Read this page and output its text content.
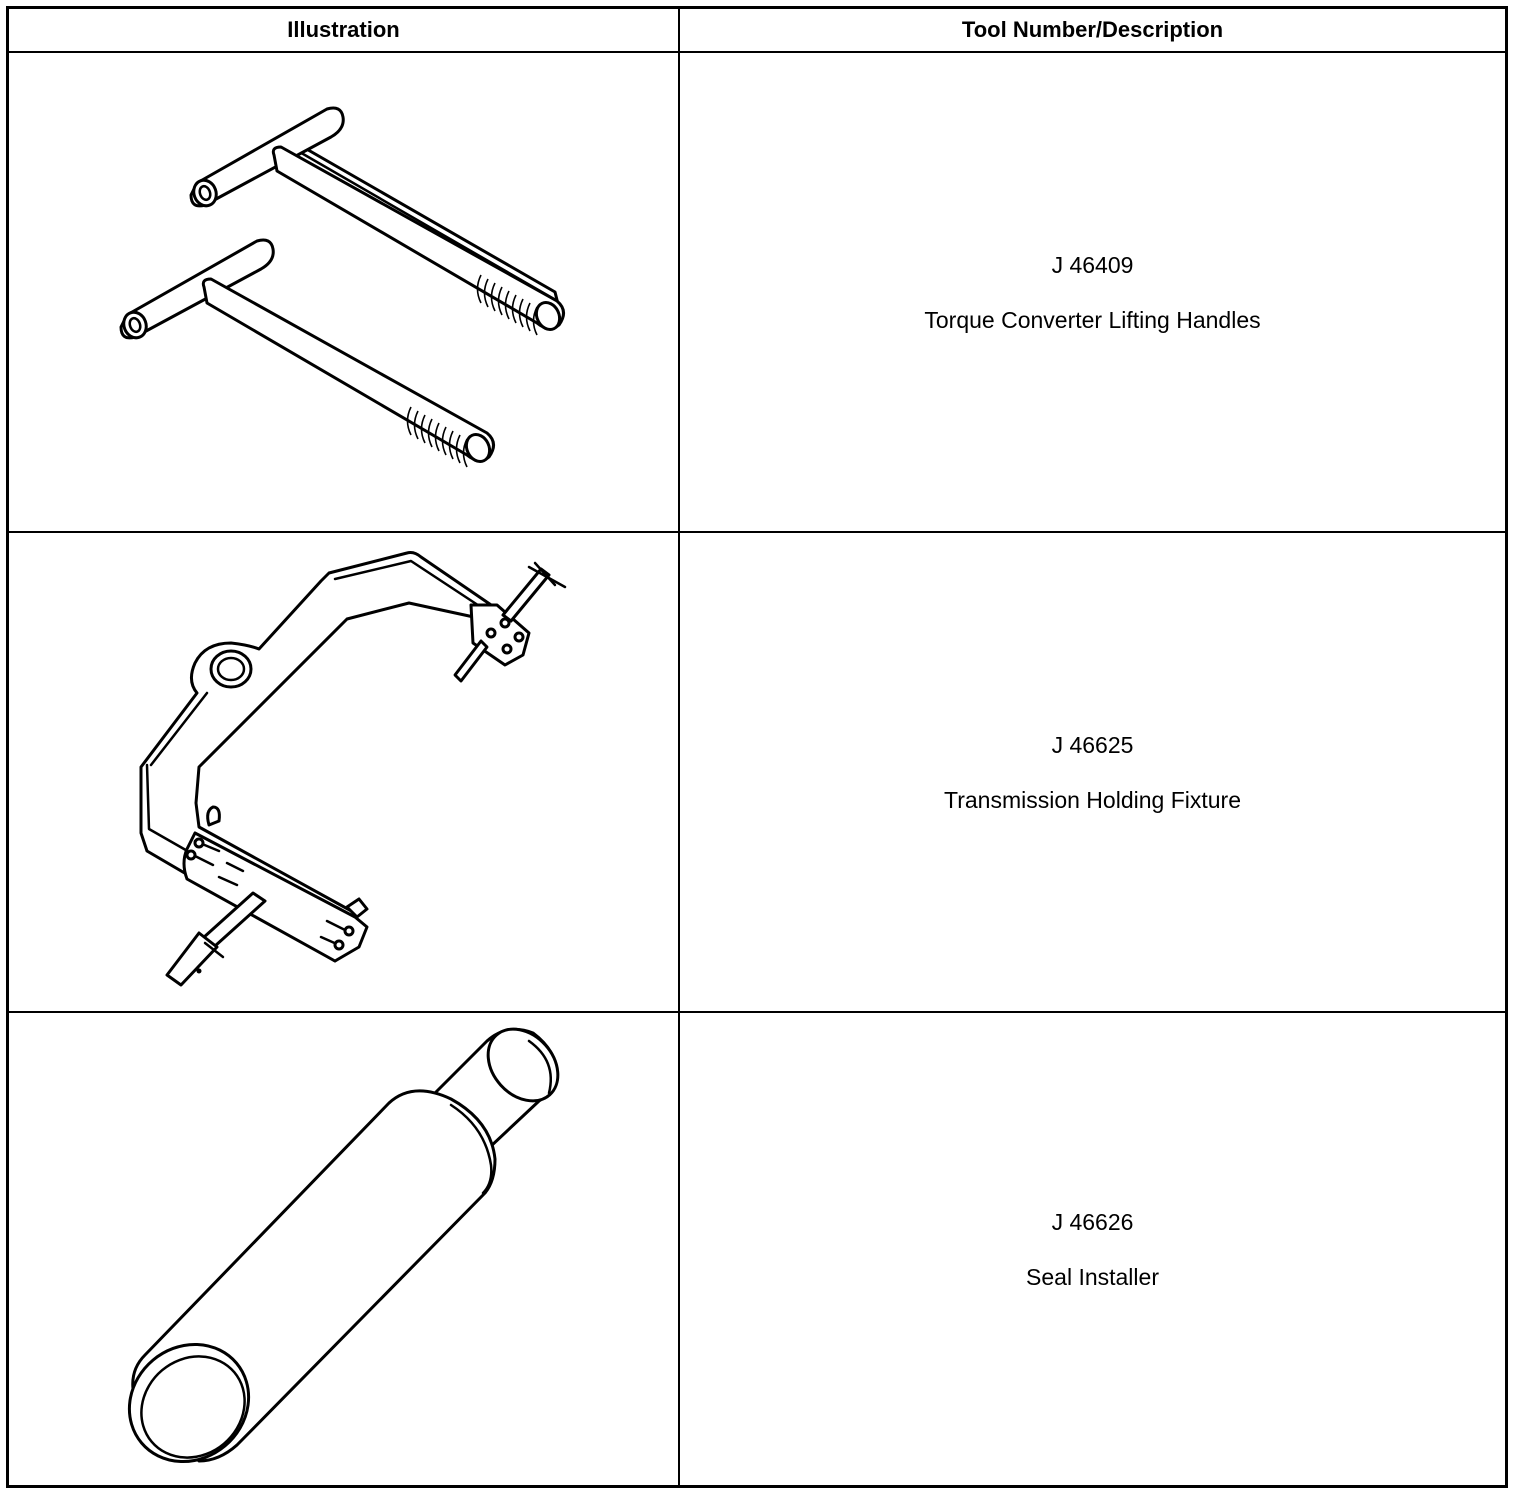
Illustration	Tool Number/Description
J 46409
Torque Converter Lifting Handles
J 46625
Transmission Holding Fixture
J 46626
Seal Installer
